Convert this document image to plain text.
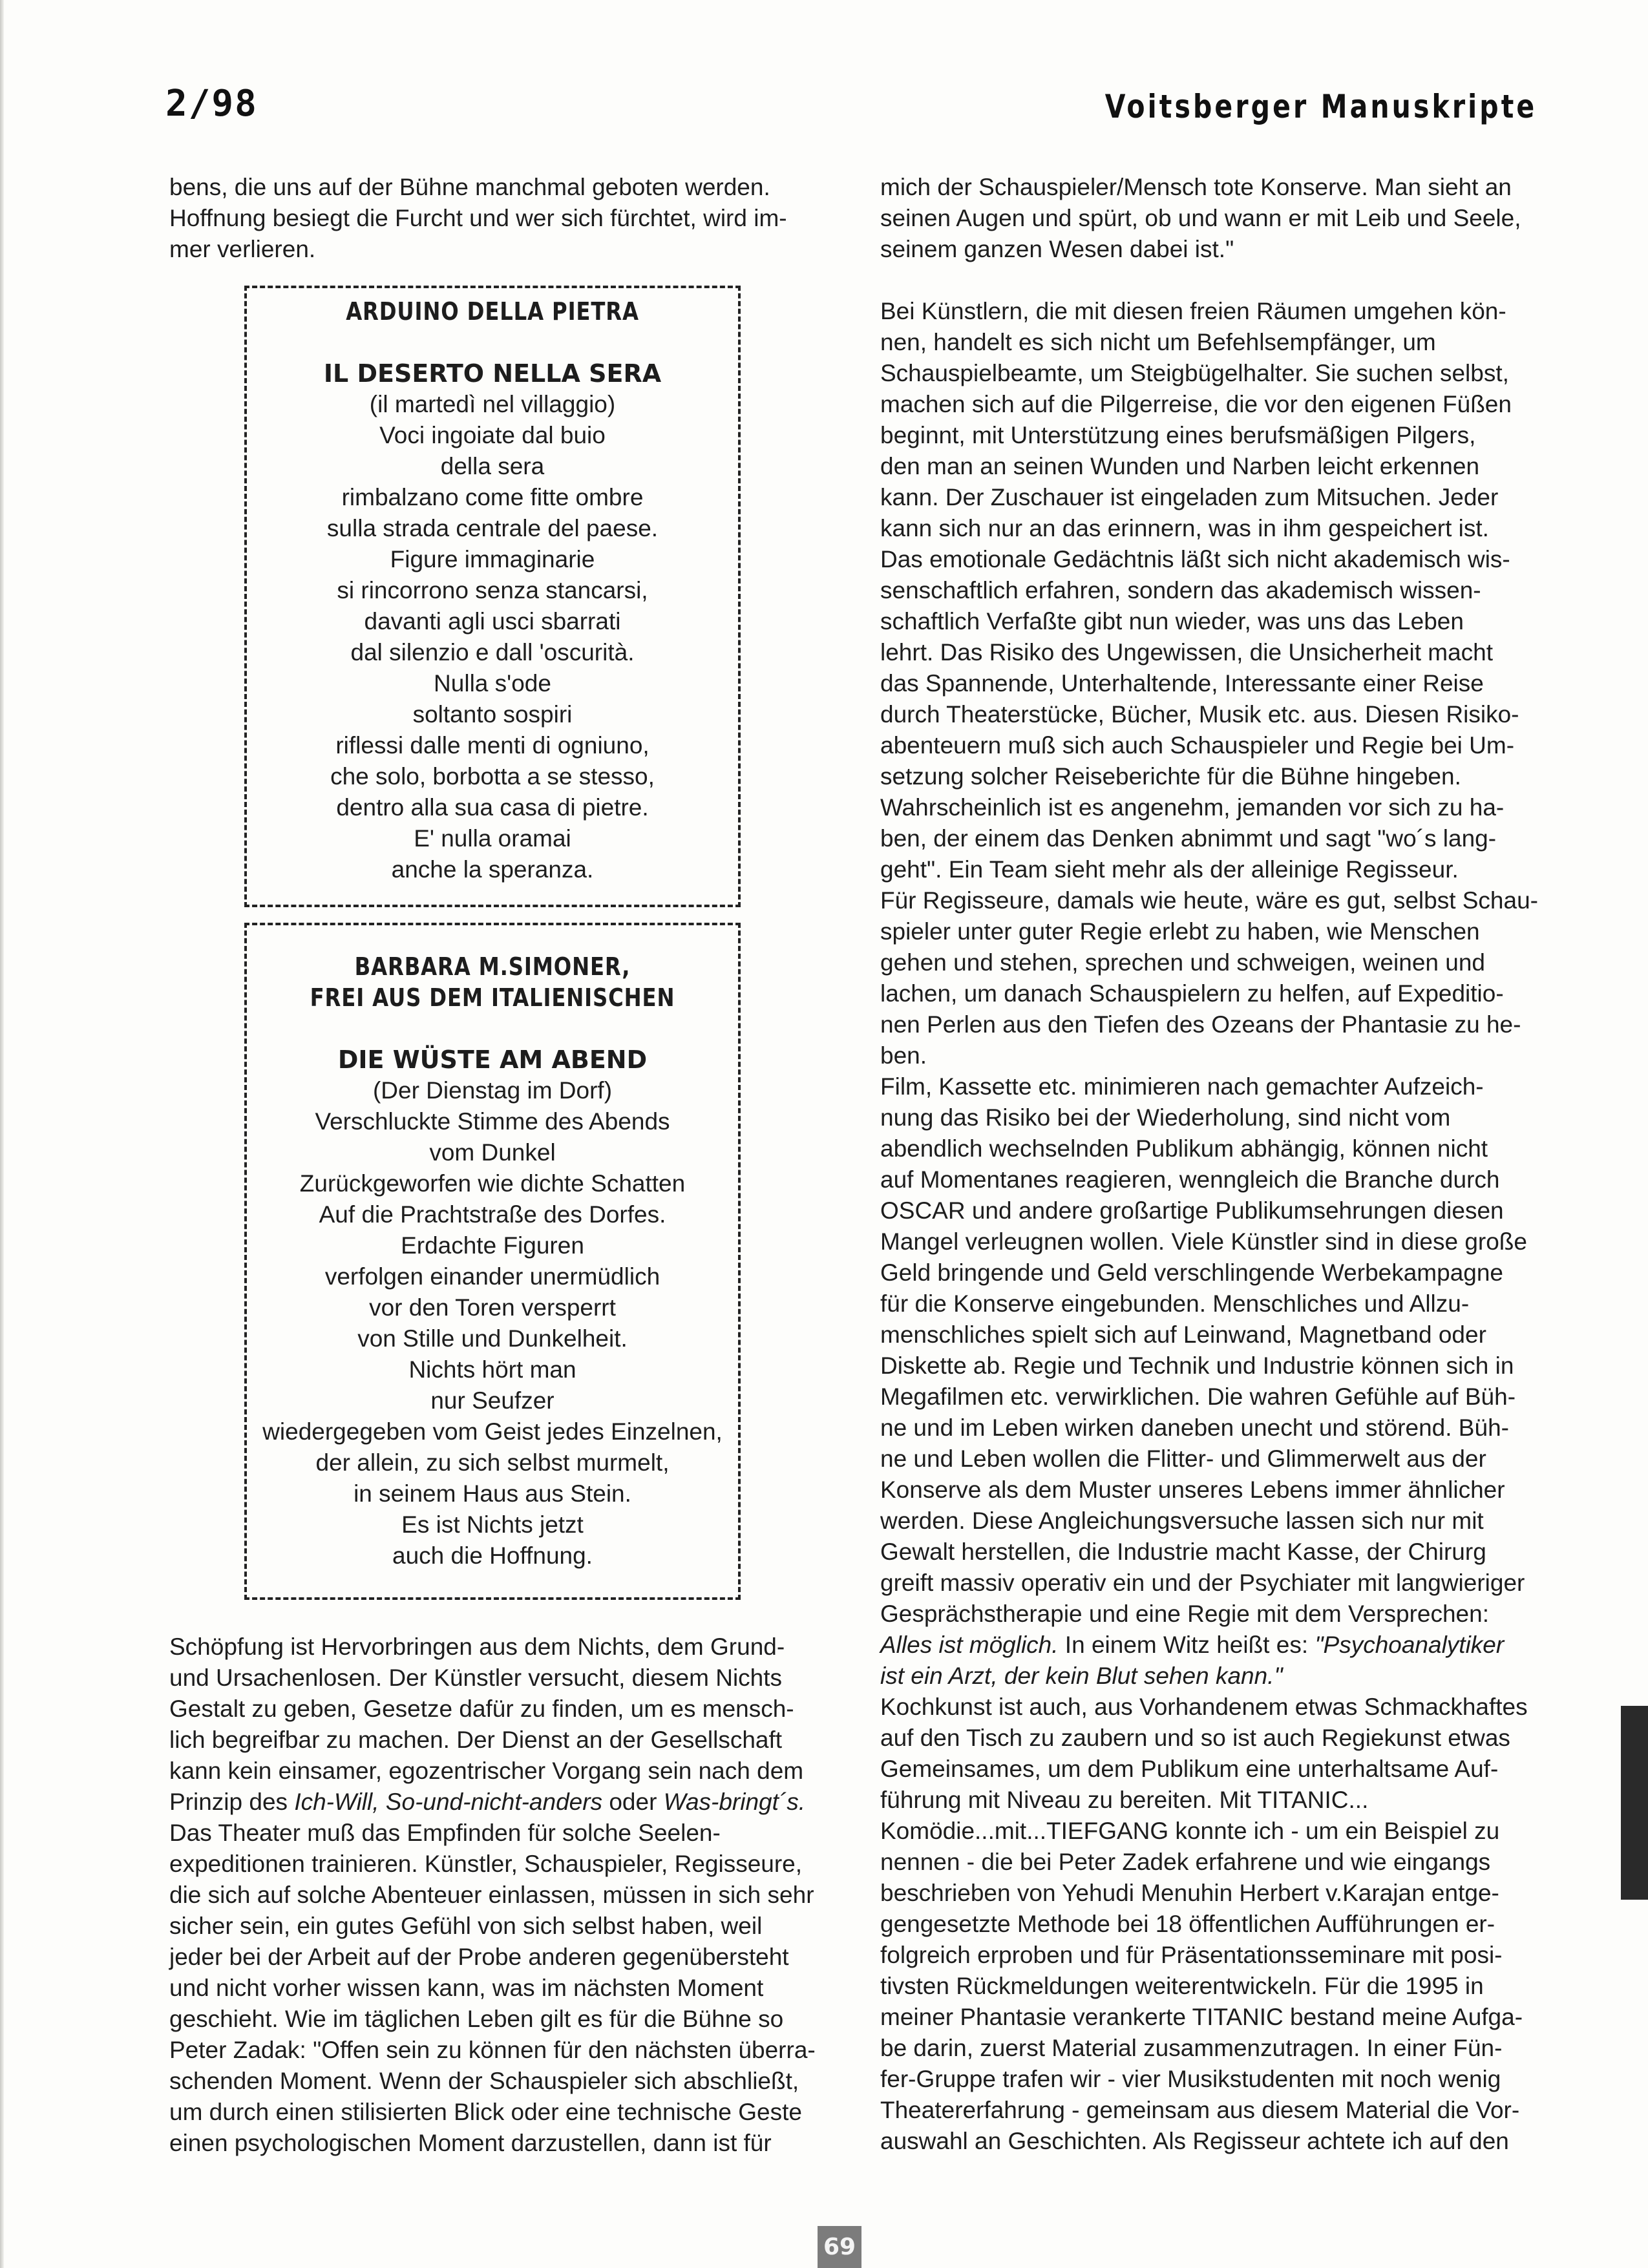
2/98	Voitsberger Manuskripte
bens, die uns auf der Bühne manchmal geboten werden.
Hoffnung besiegt die Furcht und wer sich fürchtet, wird im-
mer verlieren.
ARDUINO DELLA PIETRA
IL DESERTO NELLA SERA
(il martedì nel villaggio)
Voci ingoiate dal buio
della sera
rimbalzano come fitte ombre
sulla strada centrale del paese.
Figure immaginarie
si rincorrono senza stancarsi,
davanti agli usci sbarrati
dal silenzio e dall 'oscurità.
Nulla s'ode
soltanto sospiri
riflessi dalle menti di ogniuno,
che solo, borbotta a se stesso,
dentro alla sua casa di pietre.
E' nulla oramai
anche la speranza.
BARBARA M.SIMONER,
FREI AUS DEM ITALIENISCHEN
DIE WÜSTE AM ABEND
(Der Dienstag im Dorf)
Verschluckte Stimme des Abends
vom Dunkel
Zurückgeworfen wie dichte Schatten
Auf die Prachtstraße des Dorfes.
Erdachte Figuren
verfolgen einander unermüdlich
vor den Toren versperrt
von Stille und Dunkelheit.
Nichts hört man
nur Seufzer
wiedergegeben vom Geist jedes Einzelnen,
der allein, zu sich selbst murmelt,
in seinem Haus aus Stein.
Es ist Nichts jetzt
auch die Hoffnung.
Schöpfung ist Hervorbringen aus dem Nichts, dem Grund-
und Ursachenlosen. Der Künstler versucht, diesem Nichts
Gestalt zu geben, Gesetze dafür zu finden, um es mensch-
lich begreifbar zu machen. Der Dienst an der Gesellschaft
kann kein einsamer, egozentrischer Vorgang sein nach dem
Prinzip des Ich-Will, So-und-nicht-anders oder Was-bringt´s.
Das Theater muß das Empfinden für solche Seelen-
expeditionen trainieren. Künstler, Schauspieler, Regisseure,
die sich auf solche Abenteuer einlassen, müssen in sich sehr
sicher sein, ein gutes Gefühl von sich selbst haben, weil
jeder bei der Arbeit auf der Probe anderen gegenübersteht
und nicht vorher wissen kann, was im nächsten Moment
geschieht. Wie im täglichen Leben gilt es für die Bühne so
Peter Zadak: "Offen sein zu können für den nächsten überra-
schenden Moment. Wenn der Schauspieler sich abschließt,
um durch einen stilisierten Blick oder eine technische Geste
einen psychologischen Moment darzustellen, dann ist für
mich der Schauspieler/Mensch tote Konserve. Man sieht an
seinen Augen und spürt, ob und wann er mit Leib und Seele,
seinem ganzen Wesen dabei ist."
Bei Künstlern, die mit diesen freien Räumen umgehen kön-
nen, handelt es sich nicht um Befehlsempfänger, um
Schauspielbeamte, um Steigbügelhalter. Sie suchen selbst,
machen sich auf die Pilgerreise, die vor den eigenen Füßen
beginnt, mit Unterstützung eines berufsmäßigen Pilgers,
den man an seinen Wunden und Narben leicht erkennen
kann. Der Zuschauer ist eingeladen zum Mitsuchen. Jeder
kann sich nur an das erinnern, was in ihm gespeichert ist.
Das emotionale Gedächtnis läßt sich nicht akademisch wis-
senschaftlich erfahren, sondern das akademisch wissen-
schaftlich Verfaßte gibt nun wieder, was uns das Leben
lehrt. Das Risiko des Ungewissen, die Unsicherheit macht
das Spannende, Unterhaltende, Interessante einer Reise
durch Theaterstücke, Bücher, Musik etc. aus. Diesen Risiko-
abenteuern muß sich auch Schauspieler und Regie bei Um-
setzung solcher Reiseberichte für die Bühne hingeben.
Wahrscheinlich ist es angenehm, jemanden vor sich zu ha-
ben, der einem das Denken abnimmt und sagt "wo´s lang-
geht". Ein Team sieht mehr als der alleinige Regisseur.
Für Regisseure, damals wie heute, wäre es gut, selbst Schau-
spieler unter guter Regie erlebt zu haben, wie Menschen
gehen und stehen, sprechen und schweigen, weinen und
lachen, um danach Schauspielern zu helfen, auf Expeditio-
nen Perlen aus den Tiefen des Ozeans der Phantasie zu he-
ben.
Film, Kassette etc. minimieren nach gemachter Aufzeich-
nung das Risiko bei der Wiederholung, sind nicht vom
abendlich wechselnden Publikum abhängig, können nicht
auf Momentanes reagieren, wenngleich die Branche durch
OSCAR und andere großartige Publikumsehrungen diesen
Mangel verleugnen wollen. Viele Künstler sind in diese große
Geld bringende und Geld verschlingende Werbekampagne
für die Konserve eingebunden. Menschliches und Allzu-
menschliches spielt sich auf Leinwand, Magnetband oder
Diskette ab. Regie und Technik und Industrie können sich in
Megafilmen etc. verwirklichen. Die wahren Gefühle auf Büh-
ne und im Leben wirken daneben unecht und störend. Büh-
ne und Leben wollen die Flitter- und Glimmerwelt aus der
Konserve als dem Muster unseres Lebens immer ähnlicher
werden. Diese Angleichungsversuche lassen sich nur mit
Gewalt herstellen, die Industrie macht Kasse, der Chirurg
greift massiv operativ ein und der Psychiater mit langwieriger
Gesprächstherapie und eine Regie mit dem Versprechen:
Alles ist möglich. In einem Witz heißt es: "Psychoanalytiker
ist ein Arzt, der kein Blut sehen kann."
Kochkunst ist auch, aus Vorhandenem etwas Schmackhaftes
auf den Tisch zu zaubern und so ist auch Regiekunst etwas
Gemeinsames, um dem Publikum eine unterhaltsame Auf-
führung mit Niveau zu bereiten. Mit TITANIC...
Komödie...mit...TIEFGANG konnte ich - um ein Beispiel zu
nennen - die bei Peter Zadek erfahrene und wie eingangs
beschrieben von Yehudi Menuhin Herbert v.Karajan entge-
gengesetzte Methode bei 18 öffentlichen Aufführungen er-
folgreich erproben und für Präsentationsseminare mit posi-
tivsten Rückmeldungen weiterentwickeln. Für die 1995 in
meiner Phantasie verankerte TITANIC bestand meine Aufga-
be darin, zuerst Material zusammenzutragen. In einer Fün-
fer-Gruppe trafen wir - vier Musikstudenten mit noch wenig
Theatererfahrung - gemeinsam aus diesem Material die Vor-
auswahl an Geschichten. Als Regisseur achtete ich auf den
69
